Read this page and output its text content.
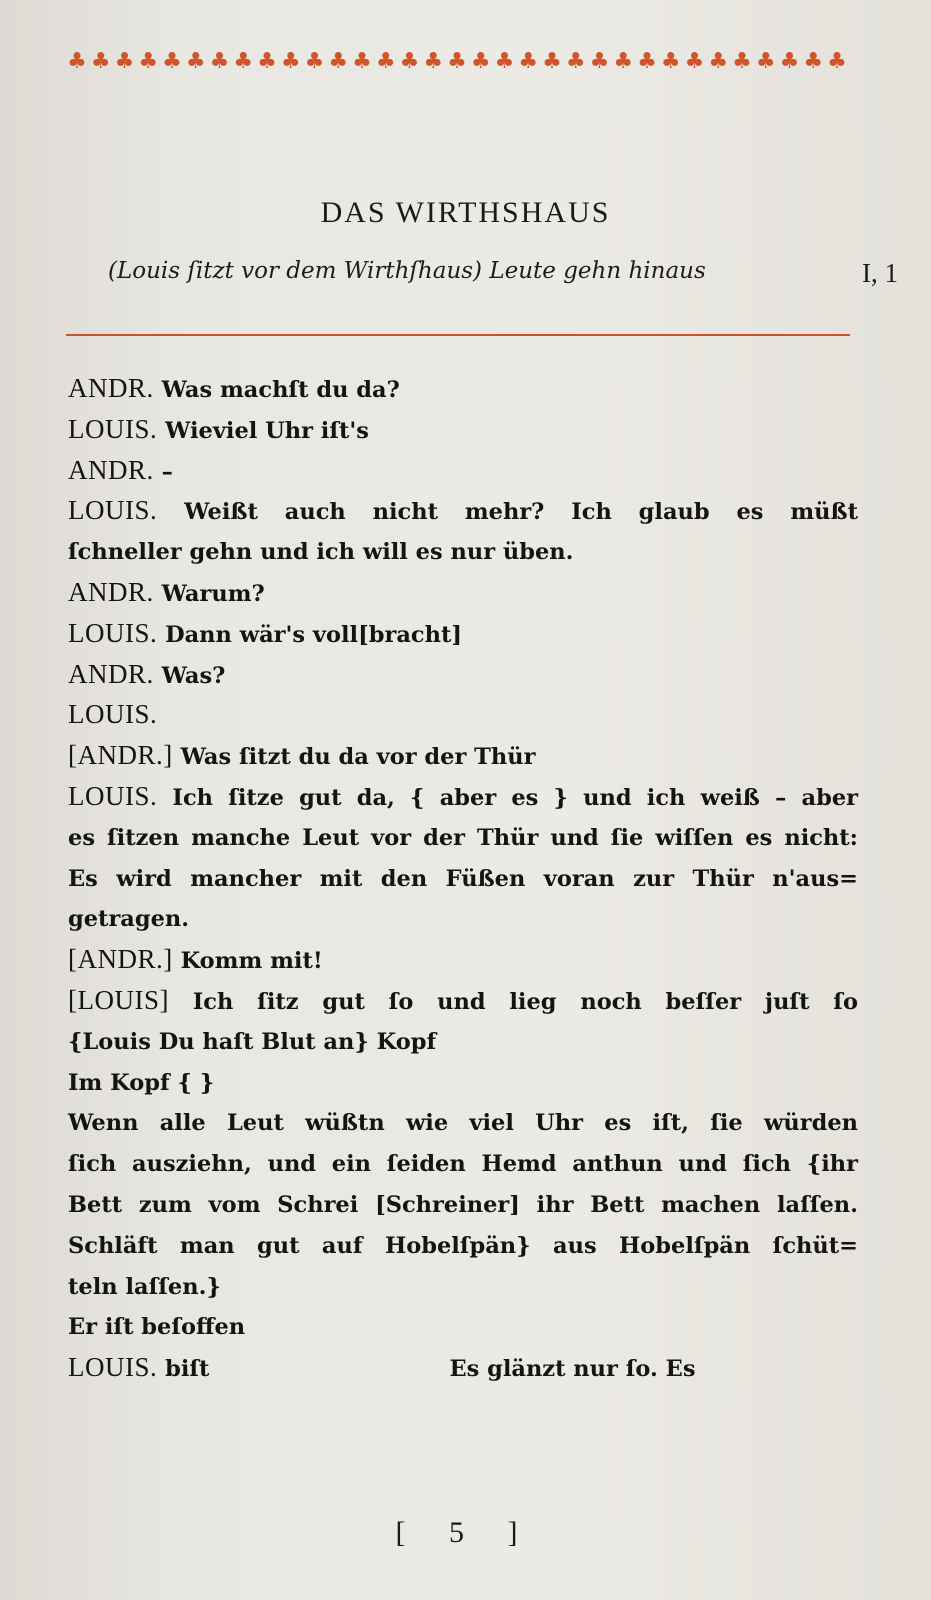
♣ ♣ ♣ ♣ ♣ ♣ ♣ ♣ ♣ ♣ ♣ ♣ ♣ ♣ ♣ ♣ ♣ ♣ ♣ ♣ ♣ ♣ ♣ ♣ ♣ ♣ ♣ ♣ ♣ ♣ ♣ ♣ ♣
DAS WIRTHSHAUS
(Louis ſitzt vor dem Wirthſhaus) Leute gehn hinaus	I, 1
ANDR. Was machſt du da?
LOUIS. Wieviel Uhr iſt's
ANDR. –
LOUIS. Weißt auch nicht mehr? Ich glaub es müßt
ſchneller gehn und ich will es nur üben.
ANDR. Warum?
LOUIS. Dann wär's voll[bracht]
ANDR. Was?
LOUIS.
[ANDR.] Was ſitzt du da vor der Thür
LOUIS. Ich ſitze gut da, { aber es } und ich weiß – aber
es ſitzen manche Leut vor der Thür und ſie wiſſen es nicht:
Es wird mancher mit den Füßen voran zur Thür n'aus=
getragen.
[ANDR.] Komm mit!
[LOUIS] Ich ſitz gut ſo und lieg noch beſſer juſt ſo
{Louis Du haſt Blut an} Kopf
Im Kopf { }
Wenn alle Leut wüßtn wie viel Uhr es iſt, ſie würden
ſich ausziehn, und ein ſeiden Hemd anthun und ſich {ihr
Bett zum vom Schrei [Schreiner] ihr Bett machen laſſen.
Schläft man gut auf Hobelſpän} aus Hobelſpän ſchüt=
teln laſſen.}
Er iſt beſoffen
LOUIS. biſt	Es glänzt nur ſo. Es
[ 5 ]
